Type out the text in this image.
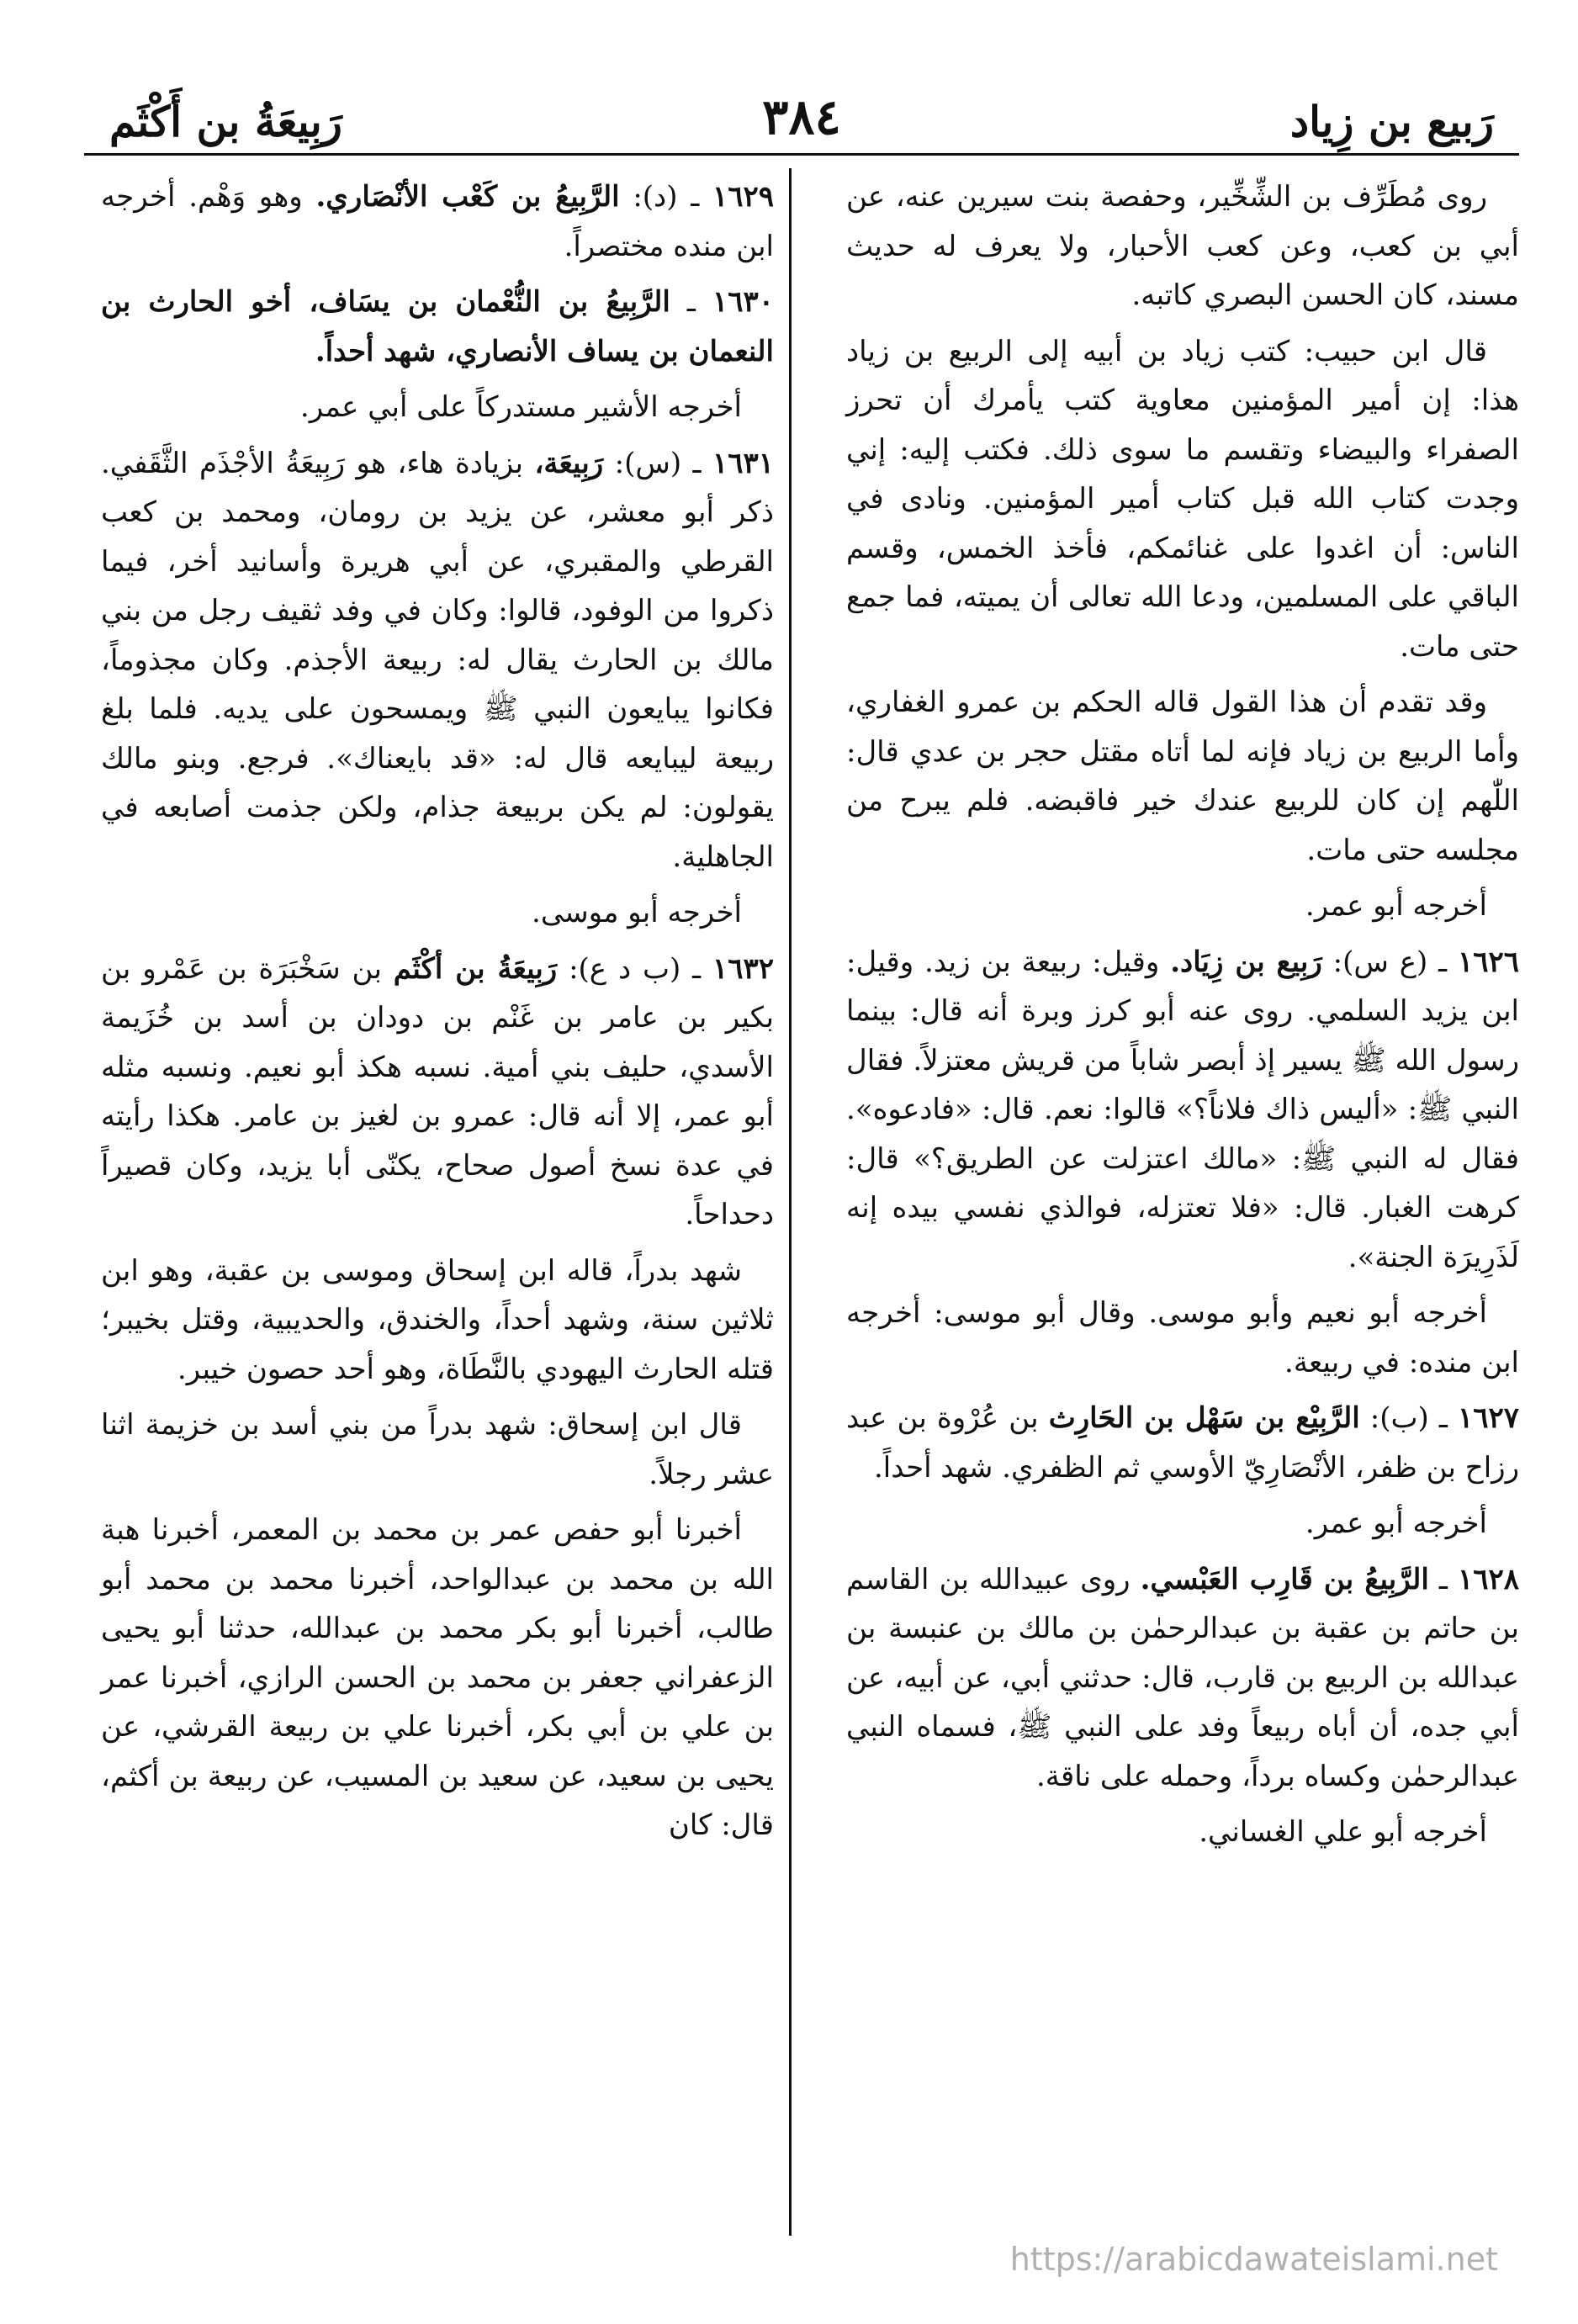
رَبيع بن زِياد
٣٨٤
رَبِيعَةُ بن أَكْثَم

روى مُطَرِّف بن الشِّخِّير، وحفصة بنت سيرين عنه، عن أبي بن كعب، وعن كعب الأحبار، ولا يعرف له حديث مسند، كان الحسن البصري كاتبه.

قال ابن حبيب: كتب زياد بن أبيه إلى الربيع بن زياد هذا: إن أمير المؤمنين معاوية كتب يأمرك أن تحرز الصفراء والبيضاء وتقسم ما سوى ذلك. فكتب إليه: إني وجدت كتاب الله قبل كتاب أمير المؤمنين. ونادى في الناس: أن اغدوا على غنائمكم، فأخذ الخمس، وقسم الباقي على المسلمين، ودعا الله تعالى أن يميته، فما جمع حتى مات.

وقد تقدم أن هذا القول قاله الحكم بن عمرو الغفاري، وأما الربيع بن زياد فإنه لما أتاه مقتل حجر بن عدي قال: اللّٰهم إن كان للربيع عندك خير فاقبضه. فلم يبرح من مجلسه حتى مات.

أخرجه أبو عمر.

١٦٢٦ ـ (ع س): رَبِيع بن زِيَاد. وقيل: ربيعة بن زيد. وقيل: ابن يزيد السلمي. روى عنه أبو كرز وبرة أنه قال: بينما رسول الله ﷺ يسير إذ أبصر شاباً من قريش معتزلاً. فقال النبي ﷺ: «أليس ذاك فلاناً؟» قالوا: نعم. قال: «فادعوه». فقال له النبي ﷺ: «مالك اعتزلت عن الطريق؟» قال: كرهت الغبار. قال: «فلا تعتزله، فوالذي نفسي بيده إنه لَذَرِيرَة الجنة».

أخرجه أبو نعيم وأبو موسى. وقال أبو موسى: أخرجه ابن منده: في ربيعة.

١٦٢٧ ـ (ب): الرَّبِيْع بن سَهْل بن الحَارِث بن عُرْوة بن عبد رزاح بن ظفر، الأنْصَارِيّ الأوسي ثم الظفري. شهد أحداً.

أخرجه أبو عمر.

١٦٢٨ ـ الرَّبِيعُ بن قَارِب العَبْسي. روى عبيدالله بن القاسم بن حاتم بن عقبة بن عبدالرحمٰن بن مالك بن عنبسة بن عبدالله بن الربيع بن قارب، قال: حدثني أبي، عن أبيه، عن أبي جده، أن أباه ربيعاً وفد على النبي ﷺ، فسماه النبي عبدالرحمٰن وكساه برداً، وحمله على ناقة.

أخرجه أبو علي الغساني.

١٦٢٩ ـ (د): الرَّبِيعُ بن كَعْب الأنْصَاري. وهو وَهْم. أخرجه ابن منده مختصراً.

١٦٣٠ ـ الرَّبِيعُ بن النُّعْمان بن يسَاف، أخو الحارث بن النعمان بن يساف الأنصاري، شهد أحداً.

أخرجه الأشير مستدركاً على أبي عمر.

١٦٣١ ـ (س): رَبِيعَة، بزيادة هاء، هو رَبِيعَةُ الأجْذَم الثَّقَفي. ذكر أبو معشر، عن يزيد بن رومان، ومحمد بن كعب القرطي والمقبري، عن أبي هريرة وأسانيد أخر، فيما ذكروا من الوفود، قالوا: وكان في وفد ثقيف رجل من بني مالك بن الحارث يقال له: ربيعة الأجذم. وكان مجذوماً، فكانوا يبايعون النبي ﷺ ويمسحون على يديه. فلما بلغ ربيعة ليبايعه قال له: «قد بايعناك». فرجع. وبنو مالك يقولون: لم يكن بربيعة جذام، ولكن جذمت أصابعه في الجاهلية.

أخرجه أبو موسى.

١٦٣٢ ـ (ب د ع): رَبِيعَةُ بن أكْثَم بن سَخْبَرَة بن عَمْرو بن بكير بن عامر بن غَنْم بن دودان بن أسد بن خُزَيمة الأسدي، حليف بني أمية. نسبه هكذ أبو نعيم. ونسبه مثله أبو عمر، إلا أنه قال: عمرو بن لغيز بن عامر. هكذا رأيته في عدة نسخ أصول صحاح، يكنّى أبا يزيد، وكان قصيراً دحداحاً.

شهد بدراً، قاله ابن إسحاق وموسى بن عقبة، وهو ابن ثلاثين سنة، وشهد أحداً، والخندق، والحديبية، وقتل بخيبر؛ قتله الحارث اليهودي بالنَّطَاة، وهو أحد حصون خيبر.

قال ابن إسحاق: شهد بدراً من بني أسد بن خزيمة اثنا عشر رجلاً.

أخبرنا أبو حفص عمر بن محمد بن المعمر، أخبرنا هبة الله بن محمد بن عبدالواحد، أخبرنا محمد بن محمد أبو طالب، أخبرنا أبو بكر محمد بن عبدالله، حدثنا أبو يحيى الزعفراني جعفر بن محمد بن الحسن الرازي، أخبرنا عمر بن علي بن أبي بكر، أخبرنا علي بن ربيعة القرشي، عن يحيى بن سعيد، عن سعيد بن المسيب، عن ربيعة بن أكثم، قال: كان

https://arabicdawateislami.net
